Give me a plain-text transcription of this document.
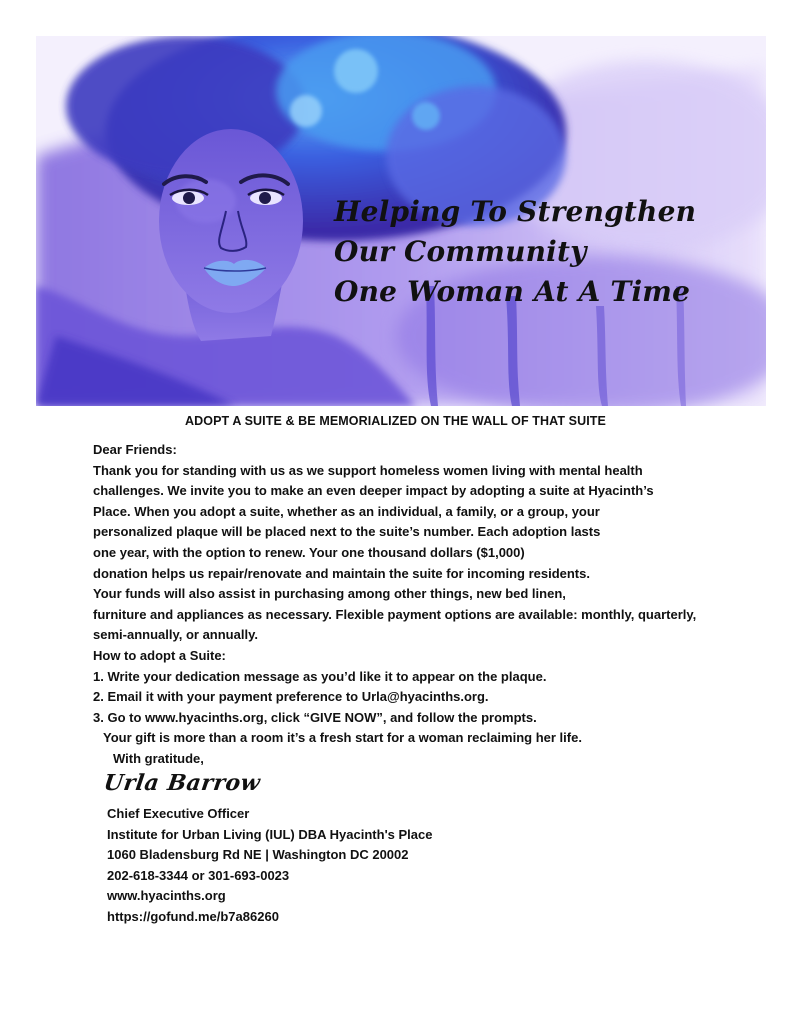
Helping To Strengthen
Our Community
One Woman At A Time
ADOPT A SUITE & BE MEMORIALIZED ON THE WALL OF THAT SUITE

Dear Friends:

Thank you for standing with us as we support homeless women living with mental health

challenges. We invite you to make an even deeper impact by adopting a suite at Hyacinth’s

Place. When you adopt a suite, whether as an individual, a family, or a group, your

personalized plaque will be placed next to the suite’s number. Each adoption lasts

one year, with the option to renew. Your one thousand dollars ($1,000)

donation helps us repair/renovate and maintain the suite for incoming residents.

Your funds will also assist in purchasing among other things, new bed linen,

furniture and appliances as necessary. Flexible payment options are available: monthly, quarterly,

semi-annually, or annually.

How to adopt a Suite:

1. Write your dedication message as you’d like it to appear on the plaque.

2. Email it with your payment preference to Urla@hyacinths.org.

3. Go to www.hyacinths.org, click “GIVE NOW”, and follow the prompts.

Your gift is more than a room it’s a fresh start for a woman reclaiming her life.

With gratitude,

Urla Barrow

Chief Executive Officer

Institute for Urban Living (IUL) DBA Hyacinth's Place

1060 Bladensburg Rd NE | Washington DC 20002

202-618-3344 or 301-693-0023

www.hyacinths.org

https://gofund.me/b7a86260
